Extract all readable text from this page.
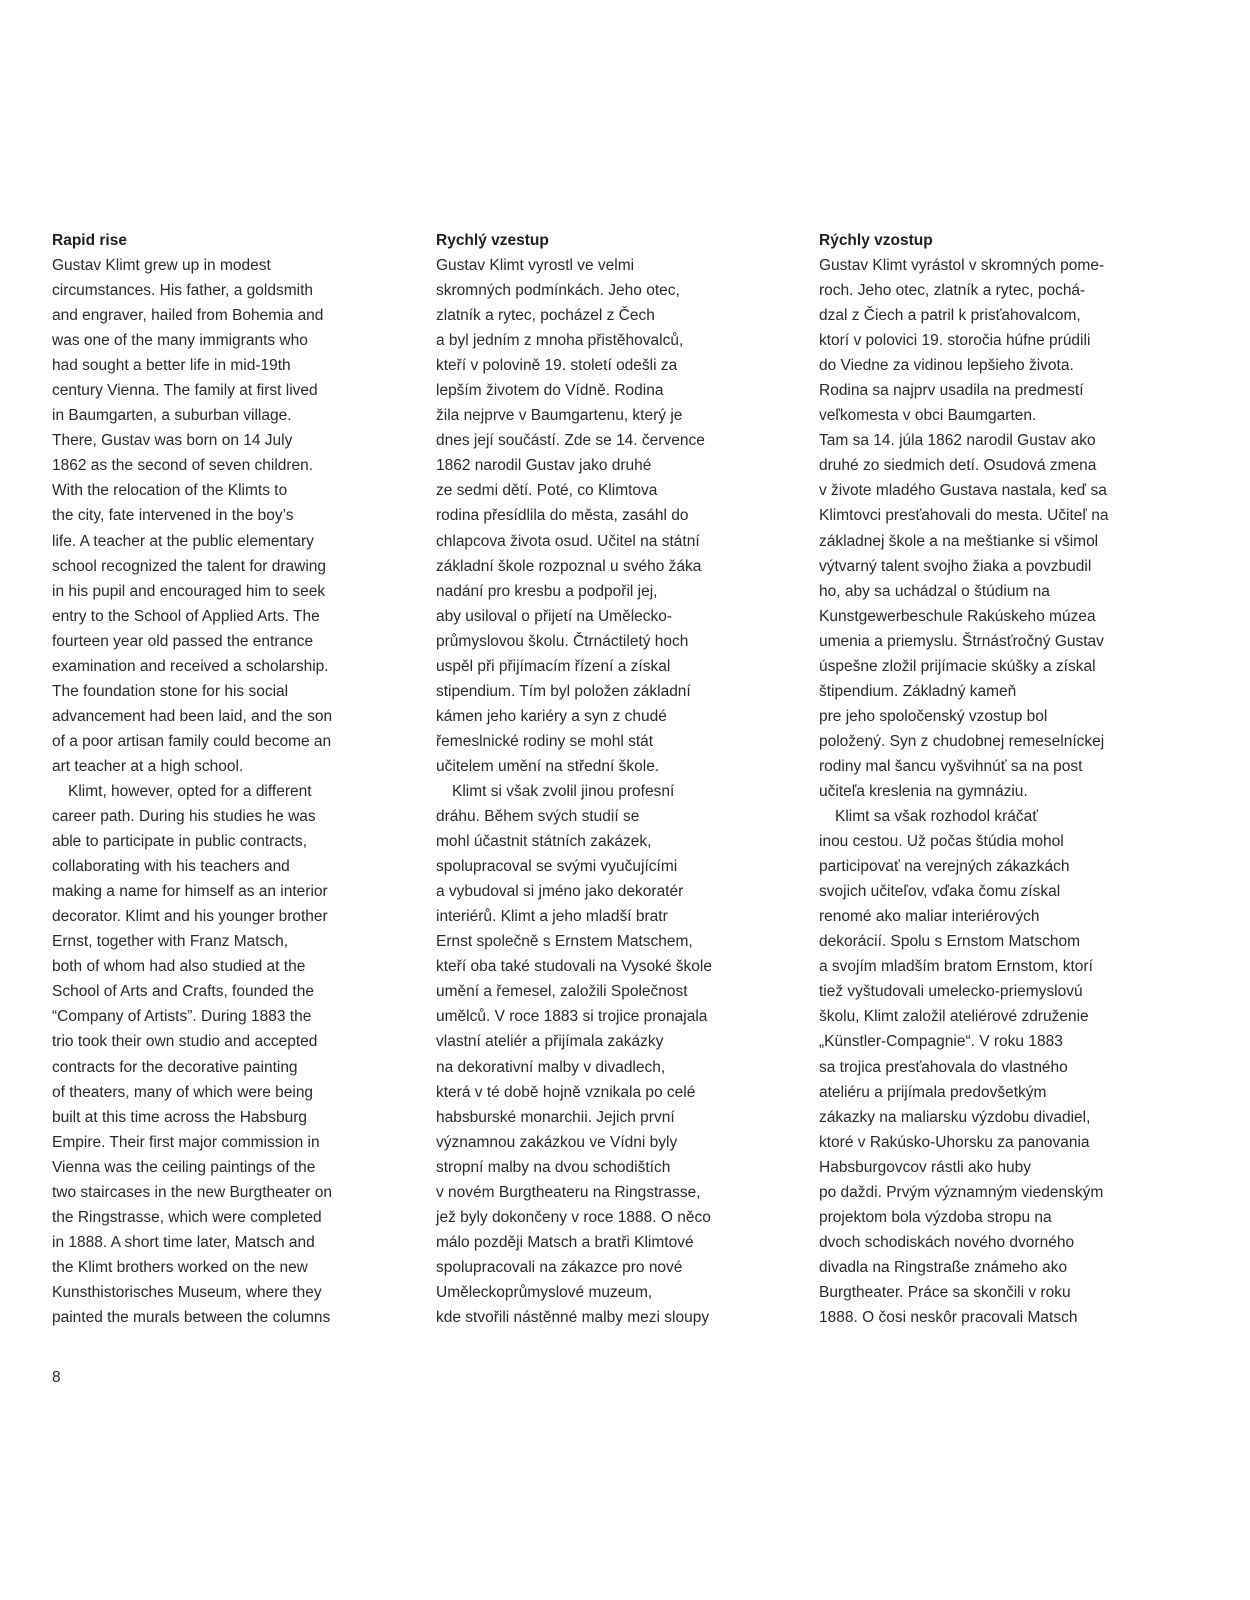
Rapid rise

Gustav Klimt grew up in modest
circumstances. His father, a goldsmith
and engraver, hailed from Bohemia and
was one of the many immigrants who
had sought a better life in mid-19th
century Vienna. The family at first lived
in Baumgarten, a suburban village.
There, Gustav was born on 14 July
1862 as the second of seven children.
With the relocation of the Klimts to
the city, fate intervened in the boy’s
life. A teacher at the public elementary
school recognized the talent for drawing
in his pupil and encouraged him to seek
entry to the School of Applied Arts. The
fourteen year old passed the entrance
examination and received a scholarship.
The foundation stone for his social
advancement had been laid, and the son
of a poor artisan family could become an
art teacher at a high school.
Klimt, however, opted for a different
career path. During his studies he was
able to participate in public contracts,
collaborating with his teachers and
making a name for himself as an interior
decorator. Klimt and his younger brother
Ernst, together with Franz Matsch,
both of whom had also studied at the
School of Arts and Crafts, founded the
“Company of Artists”. During 1883 the
trio took their own studio and accepted
contracts for the decorative painting
of theaters, many of which were being
built at this time across the Habsburg
Empire. Their first major commission in
Vienna was the ceiling paintings of the
two staircases in the new Burgtheater on
the Ringstrasse, which were completed
in 1888. A short time later, Matsch and
the Klimt brothers worked on the new
Kunsthistorisches Museum, where they
painted the murals between the columns

Rychlý vzestup

Gustav Klimt vyrostl ve velmi
skromných podmínkách. Jeho otec,
zlatník a rytec, pocházel z Čech
a byl jedním z mnoha přistěhovalců,
kteří v polovině 19. století odešli za
lepším životem do Vídně. Rodina
žila nejprve v Baumgartenu, který je
dnes její součástí. Zde se 14. července
1862 narodil Gustav jako druhé
ze sedmi dětí. Poté, co Klimtova
rodina přesídlila do města, zasáhl do
chlapcova života osud. Učitel na státní
základní škole rozpoznal u svého žáka
nadání pro kresbu a podpořil jej,
aby usiloval o přijetí na Umělecko-
průmyslovou školu. Čtrnáctiletý hoch
uspěl při přijímacím řízení a získal
stipendium. Tím byl položen základní
kámen jeho kariéry a syn z chudé
řemeslnické rodiny se mohl stát
učitelem umění na střední škole.
Klimt si však zvolil jinou profesní
dráhu. Během svých studií se
mohl účastnit státních zakázek,
spolupracoval se svými vyučujícími
a vybudoval si jméno jako dekoratér
interiérů. Klimt a jeho mladší bratr
Ernst společně s Ernstem Matschem,
kteří oba také studovali na Vysoké škole
umění a řemesel, založili Společnost
umělců. V roce 1883 si trojice pronajala
vlastní ateliér a přijímala zakázky
na dekorativní malby v divadlech,
která v té době hojně vznikala po celé
habsburské monarchii. Jejich první
významnou zakázkou ve Vídni byly
stropní malby na dvou schodištích
v novém Burgtheateru na Ringstrasse,
jež byly dokončeny v roce 1888. O něco
málo později Matsch a bratři Klimtové
spolupracovali na zákazce pro nové
Uměleckoprůmyslové muzeum,
kde stvořili nástěnné malby mezi sloupy

Rýchly vzostup

Gustav Klimt vyrástol v skromných pome-
roch. Jeho otec, zlatník a rytec, pochá-
dzal z Čiech a patril k prisťahovalcom,
ktorí v polovici 19. storočia húfne prúdili
do Viedne za vidinou lepšieho života.
Rodina sa najprv usadila na predmestí
veľkomesta v obci Baumgarten.
Tam sa 14. júla 1862 narodil Gustav ako
druhé zo siedmich detí. Osudová zmena
v živote mladého Gustava nastala, keď sa
Klimtovci presťahovali do mesta. Učiteľ na
základnej škole a na meštianke si všimol
výtvarný talent svojho žiaka a povzbudil
ho, aby sa uchádzal o štúdium na
Kunstgewerbeschule Rakúskeho múzea
umenia a priemyslu. Štrnásťročný Gustav
úspešne zložil prijímacie skúšky a získal
štipendium. Základný kameň
pre jeho spoločenský vzostup bol
položený. Syn z chudobnej remeselníckej
rodiny mal šancu vyšvihnúť sa na post
učiteľa kreslenia na gymnáziu.
Klimt sa však rozhodol kráčať
inou cestou. Už počas štúdia mohol
participovať na verejných zákazkách
svojich učiteľov, vďaka čomu získal
renomé ako maliar interiérových
dekorácií. Spolu s Ernstom Matschom
a svojím mladším bratom Ernstom, ktorí
tiež vyštudovali umelecko-priemyslovú
školu, Klimt založil ateliérové združenie
„Künstler-Compagnie“. V roku 1883
sa trojica presťahovala do vlastného
ateliéru a prijímala predovšetkým
zákazky na maliarsku výzdobu divadiel,
ktoré v Rakúsko-Uhorsku za panovania
Habsburgovcov rástli ako huby
po daždi. Prvým významným viedenským
projektom bola výzdoba stropu na
dvoch schodiskách nového dvorného
divadla na Ringstraße známeho ako
Burgtheater. Práce sa skončili v roku
1888. O čosi neskôr pracovali Matsch
8
